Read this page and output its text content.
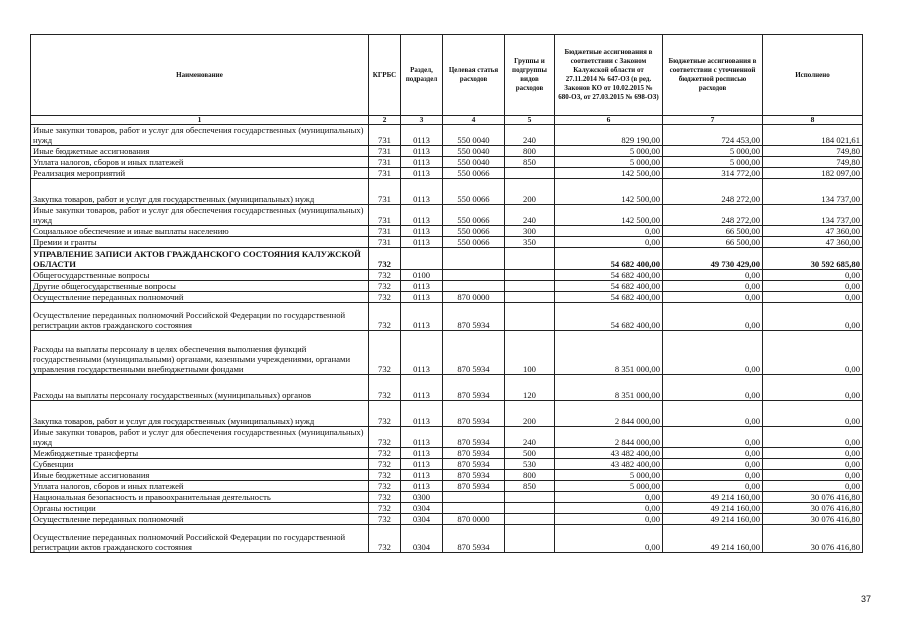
Наименование	КГРБС	Раздел, подраздел	Целевая статья расходов	Группы и подгруппы видов расходов	Бюджетные ассигнования в соответствии с Законом Калужской области от 27.11.2014 № 647-ОЗ (в ред. Законов КО от 10.02.2015 № 680-ОЗ, от 27.03.2015 № 698-ОЗ)	Бюджетные ассигнования в соответствии с уточненной бюджетной росписью расходов	Исполнено
1	2	3	4	5	6	7	8
Иные закупки товаров, работ и услуг для обеспечения государственных (муниципальных) нужд	731	0113	550 0040	240	829 190,00	724 453,00	184 021,61
Иные бюджетные ассигнования	731	0113	550 0040	800	5 000,00	5 000,00	749,80
Уплата налогов, сборов и иных платежей	731	0113	550 0040	850	5 000,00	5 000,00	749,80
Реализация мероприятий	731	0113	550 0066		142 500,00	314 772,00	182 097,00
Закупка товаров, работ и услуг для государственных (муниципальных) нужд	731	0113	550 0066	200	142 500,00	248 272,00	134 737,00
Иные закупки товаров, работ и услуг для обеспечения государственных (муниципальных) нужд	731	0113	550 0066	240	142 500,00	248 272,00	134 737,00
Социальное обеспечение и иные выплаты населению	731	0113	550 0066	300	0,00	66 500,00	47 360,00
Премии и гранты	731	0113	550 0066	350	0,00	66 500,00	47 360,00
УПРАВЛЕНИЕ ЗАПИСИ АКТОВ ГРАЖДАНСКОГО СОСТОЯНИЯ КАЛУЖСКОЙ ОБЛАСТИ	732				54 682 400,00	49 730 429,00	30 592 685,80
Общегосударственные вопросы	732	0100			54 682 400,00	0,00	0,00
Другие общегосударственные вопросы	732	0113			54 682 400,00	0,00	0,00
Осуществление переданных полномочий	732	0113	870 0000		54 682 400,00	0,00	0,00
Осуществление переданных полномочий Российской Федерации по государственной регистрации актов гражданского состояния	732	0113	870 5934		54 682 400,00	0,00	0,00
Расходы на выплаты персоналу в целях обеспечения выполнения функций государственными (муниципальными) органами, казенными учреждениями, органами управления государственными внебюджетными фондами	732	0113	870 5934	100	8 351 000,00	0,00	0,00
Расходы на выплаты персоналу государственных (муниципальных) органов	732	0113	870 5934	120	8 351 000,00	0,00	0,00
Закупка товаров, работ и услуг для государственных (муниципальных) нужд	732	0113	870 5934	200	2 844 000,00	0,00	0,00
Иные закупки товаров, работ и услуг для обеспечения государственных (муниципальных) нужд	732	0113	870 5934	240	2 844 000,00	0,00	0,00
Межбюджетные трансферты	732	0113	870 5934	500	43 482 400,00	0,00	0,00
Субвенции	732	0113	870 5934	530	43 482 400,00	0,00	0,00
Иные бюджетные ассигнования	732	0113	870 5934	800	5 000,00	0,00	0,00
Уплата налогов, сборов и иных платежей	732	0113	870 5934	850	5 000,00	0,00	0,00
Национальная безопасность и правоохранительная деятельность	732	0300			0,00	49 214 160,00	30 076 416,80
Органы юстиции	732	0304			0,00	49 214 160,00	30 076 416,80
Осуществление переданных полномочий	732	0304	870 0000		0,00	49 214 160,00	30 076 416,80
Осуществление переданных полномочий Российской Федерации по государственной регистрации актов гражданского состояния	732	0304	870 5934		0,00	49 214 160,00	30 076 416,80
37
